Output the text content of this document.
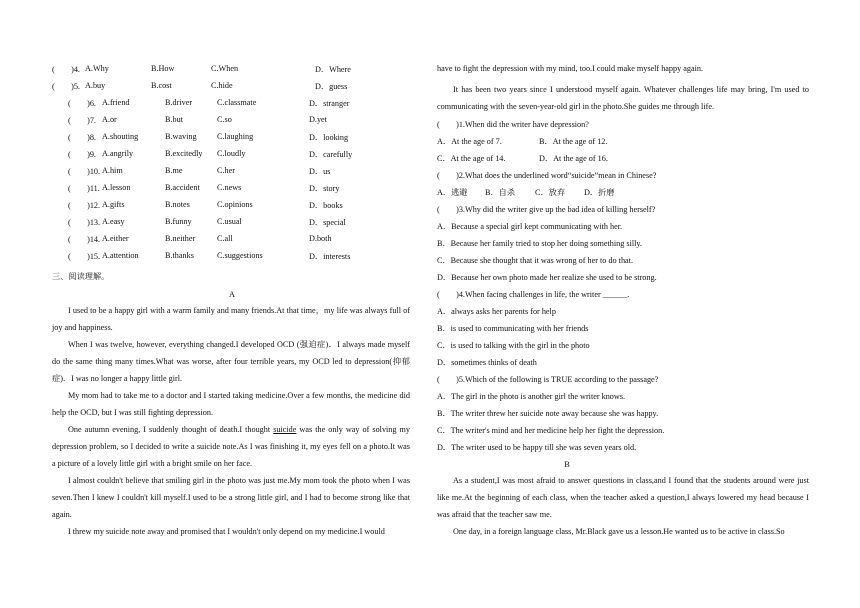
(　　)4. A.Why	B.How	C.When	D．Where
(　　)5. A.buy	B.cost	C.hide	D．guess
(　　)6. A.friend	B.driver	C.classmate	D．stranger
(　　)7. A.or	B.but	C.so	D.yet
(　　)8. A.shouting	B.waving C.laughing	D．looking
(　　)9. A.angrily	B.excitedly C.loudly	D．carefully
(　　)10. A.him	B.me	C.her	D．us
(　　)11. A.lesson	B.accident C.news	D．story
(　　)12. A.gifts	B.notes	C.opinions	D．books
(　　)13. A.easy	B.funny	C.usual	D．special
(　　)14. A.either	B.neither	C.all	D.both
(　　)15. A.attention	B.thanks	C.suggestions	D．interests
三、阅读理解。
A
I used to be a happy girl with a warm family and many friends.At that time，my life was always full of joy and happiness.
When I was twelve, however, everything changed.I developed OCD (强迫症)．I always made myself do the same thing many times.What was worse, after four terrible years, my OCD led to depression(抑郁症)．I was no longer a happy little girl.
My mom had to take me to a doctor and I started taking medicine.Over a few months, the medicine did help the OCD, but I was still fighting depression.
One autumn evening, I suddenly thought of death.I thought suicide was the only way of solving my depression problem, so I decided to write a suicide note.As I was finishing it, my eyes fell on a photo.It was a picture of a lovely little girl with a bright smile on her face.
I almost couldn't believe that smiling girl in the photo was just me.My mom took the photo when I was seven.Then I knew I couldn't kill myself.I used to be a strong little girl, and I had to become strong like that again.
I threw my suicide note away and promised that I wouldn't only depend on my medicine.I would
have to fight the depression with my mind, too.I could make myself happy again.
It has been two years since I understood myself again. Whatever challenges life may bring, I'm used to communicating with the seven-year-old girl in the photo.She guides me through life.
(　　)1.When did the writer have depression?
A．At the age of 7.	B．At the age of 12.
C．At the age of 14.	D．At the age of 16.
(　　)2.What does the underlined word“suicide”mean in Chinese?
A．逃避 B．自杀 C．放弃 D．折磨
(　　)3.Why did the writer give up the bad idea of killing herself?
A．Because a special girl kept communicating with her.
B．Because her family tried to stop her doing something silly.
C．Because she thought that it was wrong of her to do that.
D．Because her own photo made her realize she used to be strong.
(　　)4.When facing challenges in life, the writer ______.
A．always asks her parents for help
B．is used to communicating with her friends
C．is used to talking with the girl in the photo
D．sometimes thinks of death
(　　)5.Which of the following is TRUE according to the passage?
A．The girl in the photo is another girl the writer knows.
B．The writer threw her suicide note away because she was happy.
C．The writer's mind and her medicine help her fight the depression.
D．The writer used to be happy till she was seven years old.
B
As a student,I was most afraid to answer questions in class,and I found that the students around were just like me.At the beginning of each class, when the teacher asked a question,I always lowered my head because I was afraid that the teacher saw me.
One day, in a foreign language class, Mr.Black gave us a lesson.He wanted us to be active in class.So
